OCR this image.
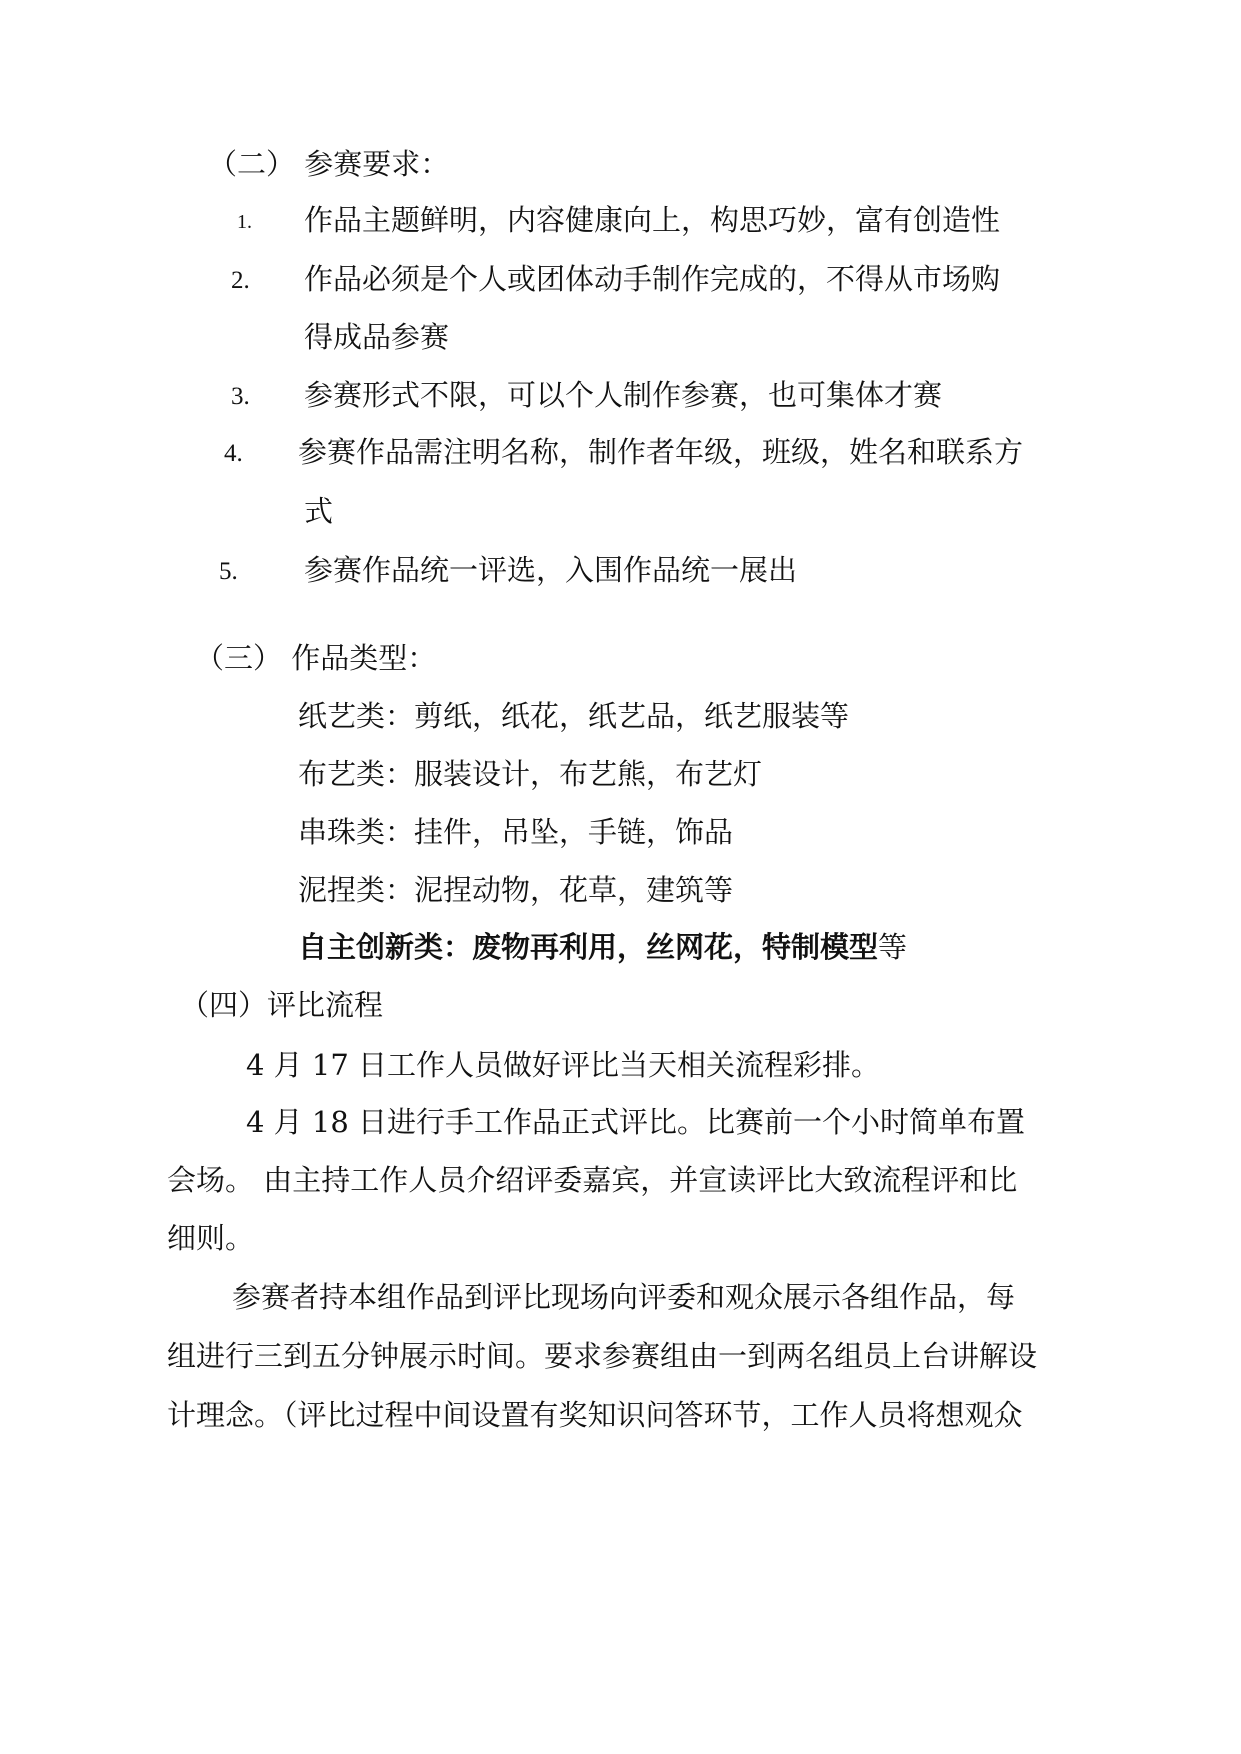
（二） 参赛要求：
1. 作品主题鲜明，内容健康向上，构思巧妙，富有创造性
2. 作品必须是个人或团体动手制作完成的，不得从市场购
得成品参赛
3. 参赛形式不限，可以个人制作参赛，也可集体才赛
4. 参赛作品需注明名称，制作者年级，班级，姓名和联系方
式
5. 参赛作品统一评选，入围作品统一展出
（三） 作品类型：
纸艺类：剪纸，纸花，纸艺品，纸艺服装等
布艺类：服装设计，布艺熊，布艺灯
串珠类：挂件，吊坠，手链，饰品
泥捏类：泥捏动物，花草，建筑等
自主创新类：废物再利用，丝网花，特制模型等
（四）评比流程
4 月 17 日工作人员做好评比当天相关流程彩排。
4 月 18 日进行手工作品正式评比。比赛前一个小时简单布置
会场。 由主持工作人员介绍评委嘉宾，并宣读评比大致流程评和比
细则。
参赛者持本组作品到评比现场向评委和观众展示各组作品，每
组进行三到五分钟展示时间。要求参赛组由一到两名组员上台讲解设
计理念。（评比过程中间设置有奖知识问答环节，工作人员将想观众
